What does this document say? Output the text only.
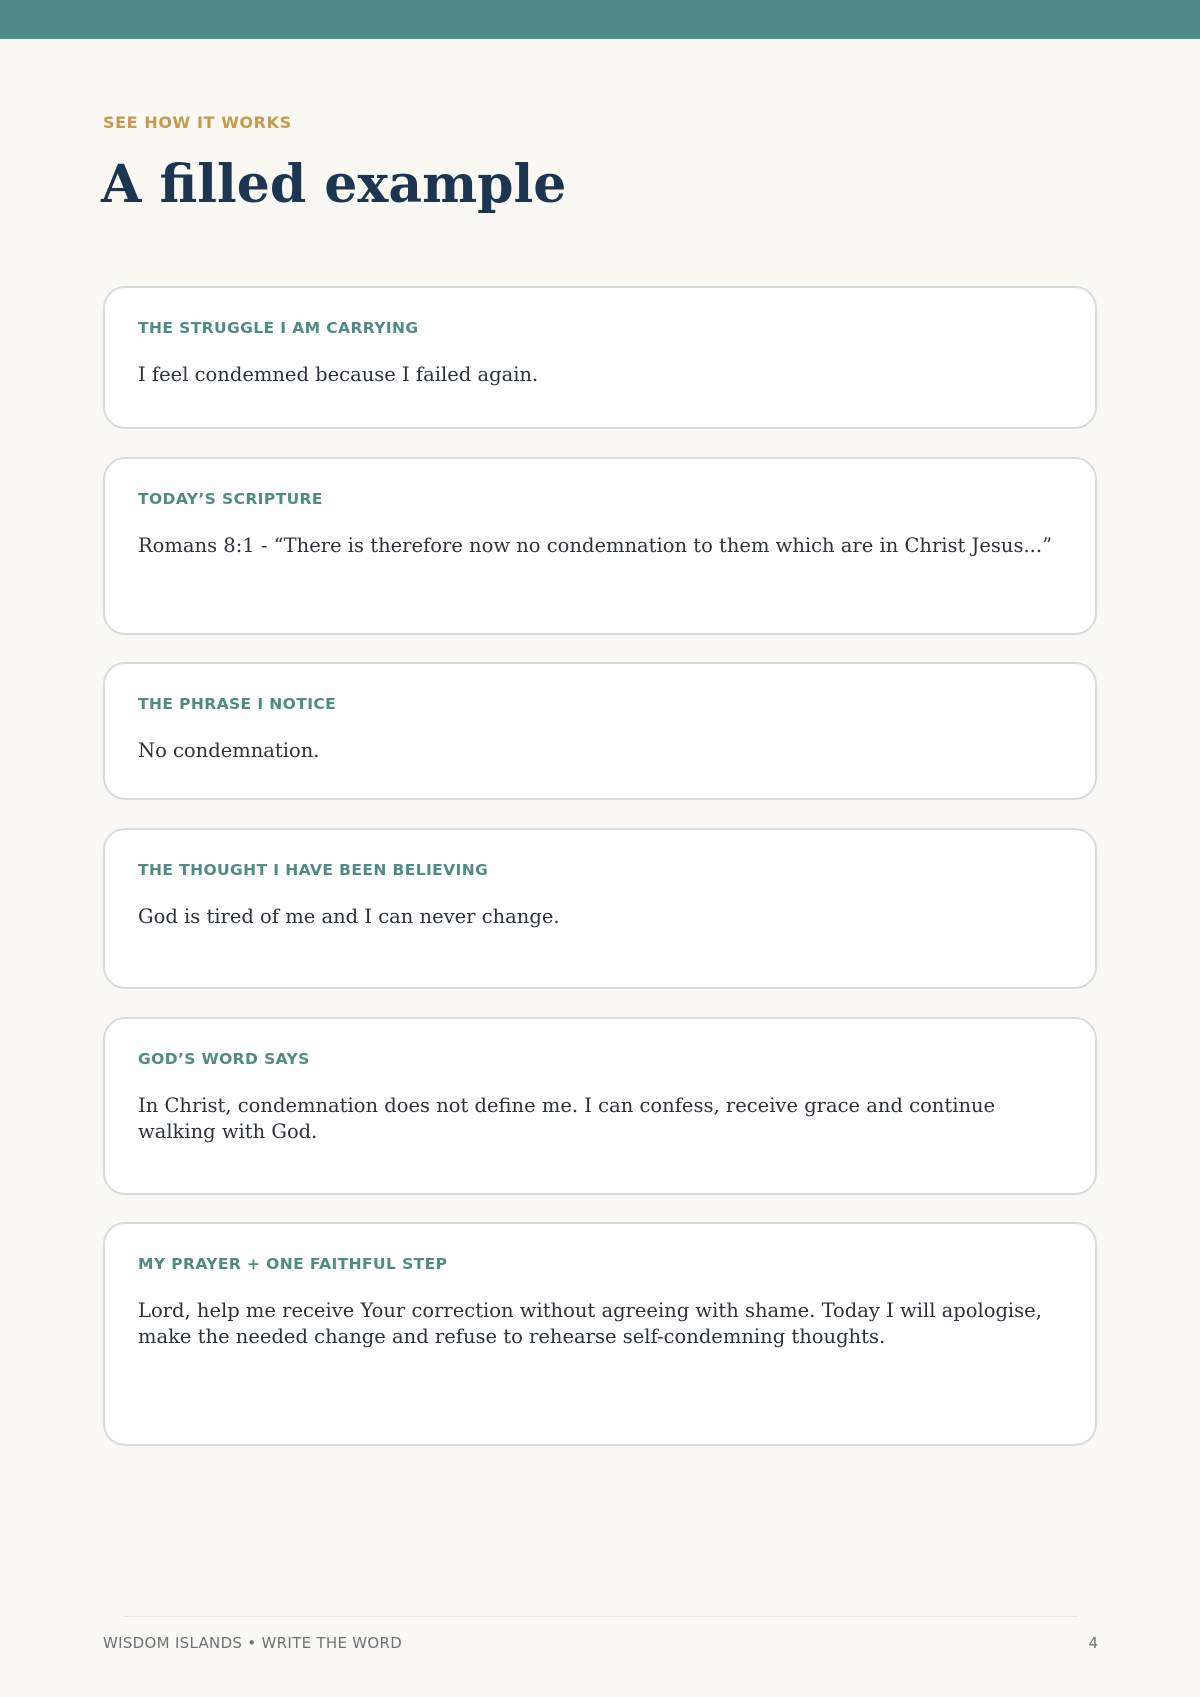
SEE HOW IT WORKS

A filled example

THE STRUGGLE I AM CARRYING

I feel condemned because I failed again.

TODAY’S SCRIPTURE

Romans 8:1 - “There is therefore now no condemnation to them which are in Christ Jesus...”

THE PHRASE I NOTICE

No condemnation.

THE THOUGHT I HAVE BEEN BELIEVING

God is tired of me and I can never change.

GOD’S WORD SAYS

In Christ, condemnation does not define me. I can confess, receive grace and continue walking with God.

MY PRAYER + ONE FAITHFUL STEP

Lord, help me receive Your correction without agreeing with shame. Today I will apologise, make the needed change and refuse to rehearse self-condemning thoughts.

WISDOM ISLANDS • WRITE THE WORD	4
